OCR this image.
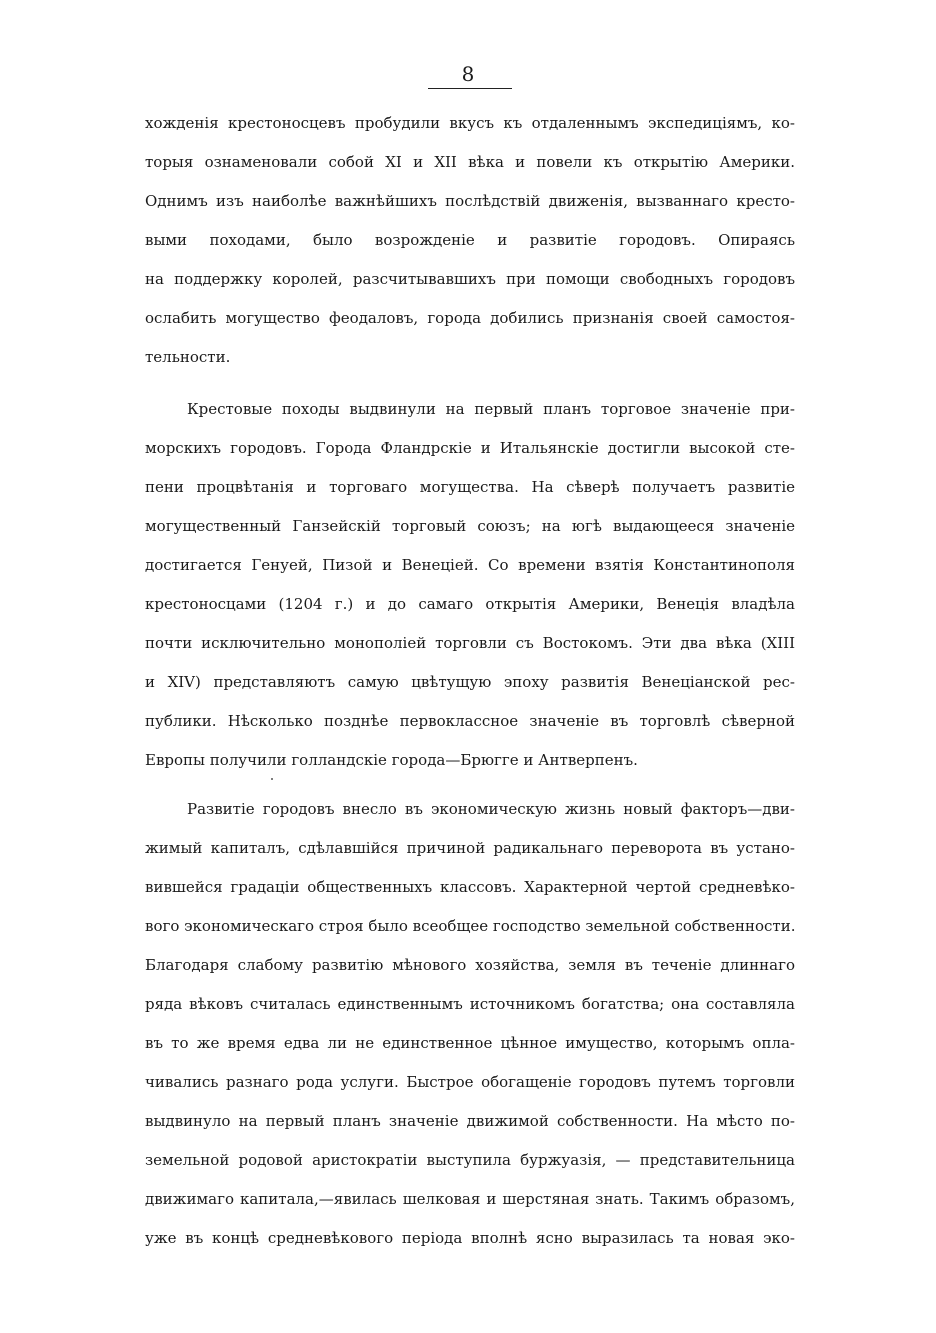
8
хожденія крестоносцевъ пробудили вкусъ къ отдаленнымъ экспедиціямъ, ко-
торыя ознаменовали собой XI и XII вѣка и повели къ открытію Америки.
Однимъ изъ наиболѣе важнѣйшихъ послѣдствій движенія, вызваннаго кресто-
выми походами, было возрожденіе и развитіе городовъ. Опираясь
на поддержку королей, разсчитывавшихъ при помощи свободныхъ городовъ
ослабить могущество феодаловъ, города добились признанія своей самостоя-
тельности.
Крестовые походы выдвинули на первый планъ торговое значеніе при-
морскихъ городовъ. Города Фландрскіе и Итальянскіе достигли высокой сте-
пени процвѣтанія и торговаго могущества. На сѣверѣ получаетъ развитіе
могущественный Ганзейскій торговый союзъ; на югѣ выдающееся значеніе
достигается Генуей, Пизой и Венеціей. Со времени взятія Константинополя
крестоносцами (1204 г.) и до самаго открытія Америки, Венеція владѣла
почти исключительно монополіей торговли съ Востокомъ. Эти два вѣка (XIII
и XIV) представляютъ самую цвѣтущую эпоху развитія Венеціанской рес-
публики. Нѣсколько позднѣе первоклассное значеніе въ торговлѣ сѣверной
Европы получили голландскіе города—Брюгге и Антверпенъ.
Развитіе городовъ внесло въ экономическую жизнь новый факторъ—дви-
жимый капиталъ, сдѣлавшійся причиной радикальнаго переворота въ устано-
вившейся градаціи общественныхъ классовъ. Характерной чертой средневѣко-
вого экономическаго строя было всеобщее господство земельной собственности.
Благодаря слабому развитію мѣнового хозяйства, земля въ теченіе длиннаго
ряда вѣковъ считалась единственнымъ источникомъ богатства; она составляла
въ то же время едва ли не единственное цѣнное имущество, которымъ опла-
чивались разнаго рода услуги. Быстрое обогащеніе городовъ путемъ торговли
выдвинуло на первый планъ значеніе движимой собственности. На мѣсто по-
земельной родовой аристократіи выступила буржуазія, — представительница
движимаго капитала,—явилась шелковая и шерстяная знать. Такимъ образомъ,
уже въ концѣ средневѣкового періода вполнѣ ясно выразилась та новая эко-
